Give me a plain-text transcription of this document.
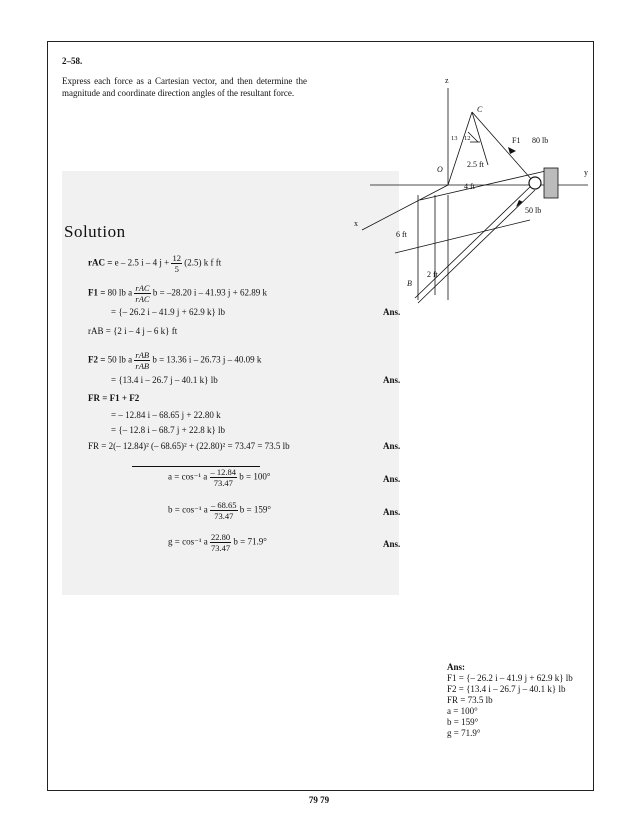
2–58.
Express each force as a Cartesian vector, and then determine the magnitude and coordinate direction angles of the resultant force.
z
y
x
C
O
B
F1 80 lb
50 lb
13 12
2.5 ft
4 ft
6 ft
2 ft
Solution
rAC = e – 2.5 i – 4 $j + \frac{12}{5} (2.5)$ k f ft
F1 = 80 lb a $\frac{\text{rAC}}{\text{rAC}}$ b = –28.20 i – 41.93 j + 62.89 k
= {– 26.2 i – 41.9 j + 62.9 k} lb	Ans.
rAB = {2 i – 4 j – 6 k} ft
F2 = 50 lb a $\frac{\text{rAB}}{\text{rAB}}$ b = 13.36 i – 26.73 j – 40.09 k
= {13.4 i – 26.7 j – 40.1 k} lb	Ans.
FR = F1 + F2
= – 12.84 i – 68.65 j + 22.80 k
= {– 12.8 i – 68.7 j + 22.8 k} lb
FR = 2(– 12.84)² (– 68.65)² + (22.80)² = 73.47 = 73.5 lb	Ans.
a = cos⁻¹ a $\frac{- 12.84}{73.47}$ b = 100°	Ans.
b = cos⁻¹ a $\frac{- 68.65}{73.47}$ b = 159°	Ans.
g = cos⁻¹ a $\frac{22.80}{73.47}$ b = 71.9°	Ans.
Ans:
F1 = {– 26.2 i – 41.9 j + 62.9 k} lb
F2 = {13.4 i – 26.7 j – 40.1 k} lb
FR = 73.5 lb
a = 100°
b = 159°
g = 71.9°
79 79
